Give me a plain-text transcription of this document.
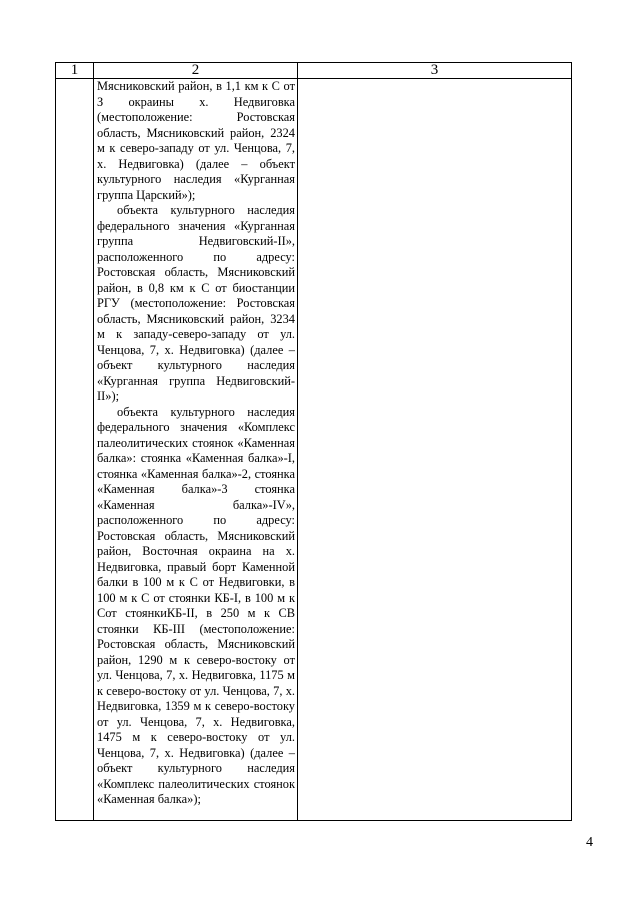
1	2	3

	Мясниковский район, в 1,1 км к С от З окраины х. Недвиговка (местоположение: Ростовская область, Мясниковский район, 2324 м к северо-западу от ул. Ченцова, 7, х. Недвиговка) (далее – объект культурного наследия «Курганная группа Царский»);

объекта культурного наследия федерального значения «Курганная группа Недвиговский-II», расположенного по адресу: Ростовская область, Мясниковский район, в 0,8 км к С от биостанции РГУ (местоположение: Ростовская область, Мясниковский район, 3234 м к западу-северо-западу от ул. Ченцова, 7, х. Недвиговка) (далее – объект культурного наследия «Курганная группа Недвиговский-II»);

объекта культурного наследия федерального значения «Комплекс палеолитических стоянок «Каменная балка»: стоянка «Каменная балка»-I, стоянка «Каменная балка»-2, стоянка «Каменная балка»-3 стоянка «Каменная балка»-IV», расположенного по адресу: Ростовская область, Мясниковский район, Восточная окраина на х. Недвиговка, правый борт Каменной балки в 100 м к С от Недвиговки, в 100 м к С от стоянки КБ-I, в 100 м к Сот стоянкиКБ-II, в 250 м к СВ стоянки КБ-III (местоположение: Ростовская область, Мясниковский район, 1290 м к северо-востоку от ул. Ченцова, 7, х. Недвиговка, 1175 м к северо-востоку от ул. Ченцова, 7, х. Недвиговка, 1359 м к северо-востоку от ул. Ченцова, 7, х. Недвиговка, 1475 м к северо-востоку от ул. Ченцова, 7, х. Недвиговка) (далее – объект культурного наследия «Комплекс палеолитических стоянок «Каменная балка»);	

4
